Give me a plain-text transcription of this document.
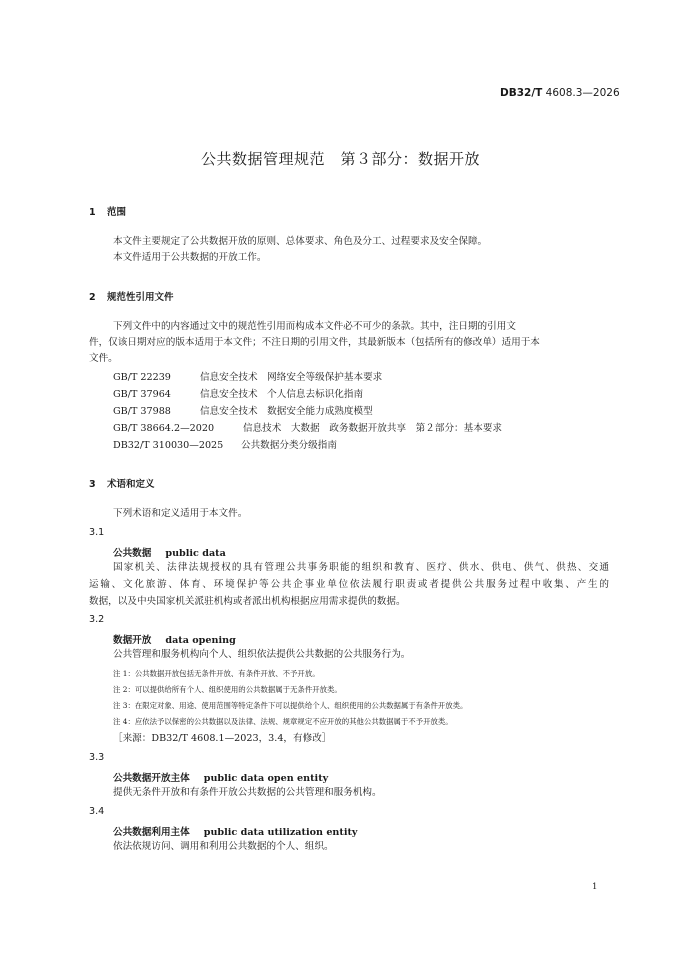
DB32/T 4608.3—2026
公共数据管理规范　第３部分：数据开放
1 范围
本文件主要规定了公共数据开放的原则、总体要求、角色及分工、过程要求及安全保障。
本文件适用于公共数据的开放工作。
2 规范性引用文件
下列文件中的内容通过文中的规范性引用而构成本文件必不可少的条款。其中，注日期的引用文
件，仅该日期对应的版本适用于本文件；不注日期的引用文件，其最新版本（包括所有的修改单）适用于本
文件。
GB/T 22239	信息安全技术　网络安全等级保护基本要求
GB/T 37964	信息安全技术　个人信息去标识化指南
GB/T 37988	信息安全技术　数据安全能力成熟度模型
GB/T 38664.2—2020	信息技术　大数据　政务数据开放共享　第２部分：基本要求
DB32/T 310030—2025 公共数据分类分级指南
3 术语和定义
下列术语和定义适用于本文件。
3.1
公共数据 public data
国家机关、法律法规授权的具有管理公共事务职能的组织和教育、医疗、供水、供电、供气、供热、交通
运输、文化旅游、体育、环境保护等公共企事业单位依法履行职责或者提供公共服务过程中收集、产生的
数据，以及中央国家机关派驻机构或者派出机构根据应用需求提供的数据。
3.2
数据开放 data opening
公共管理和服务机构向个人、组织依法提供公共数据的公共服务行为。
注 1：公共数据开放包括无条件开放、有条件开放、不予开放。
注 2：可以提供给所有个人、组织使用的公共数据属于无条件开放类。
注 3：在限定对象、用途、使用范围等特定条件下可以提供给个人、组织使用的公共数据属于有条件开放类。
注 4：应依法予以保密的公共数据以及法律、法规、规章规定不应开放的其他公共数据属于不予开放类。
［来源：DB32/T 4608.1—2023，3.4，有修改］
3.3
公共数据开放主体 public data open entity
提供无条件开放和有条件开放公共数据的公共管理和服务机构。
3.4
公共数据利用主体 public data utilization entity
依法依规访问、调用和利用公共数据的个人、组织。
1
